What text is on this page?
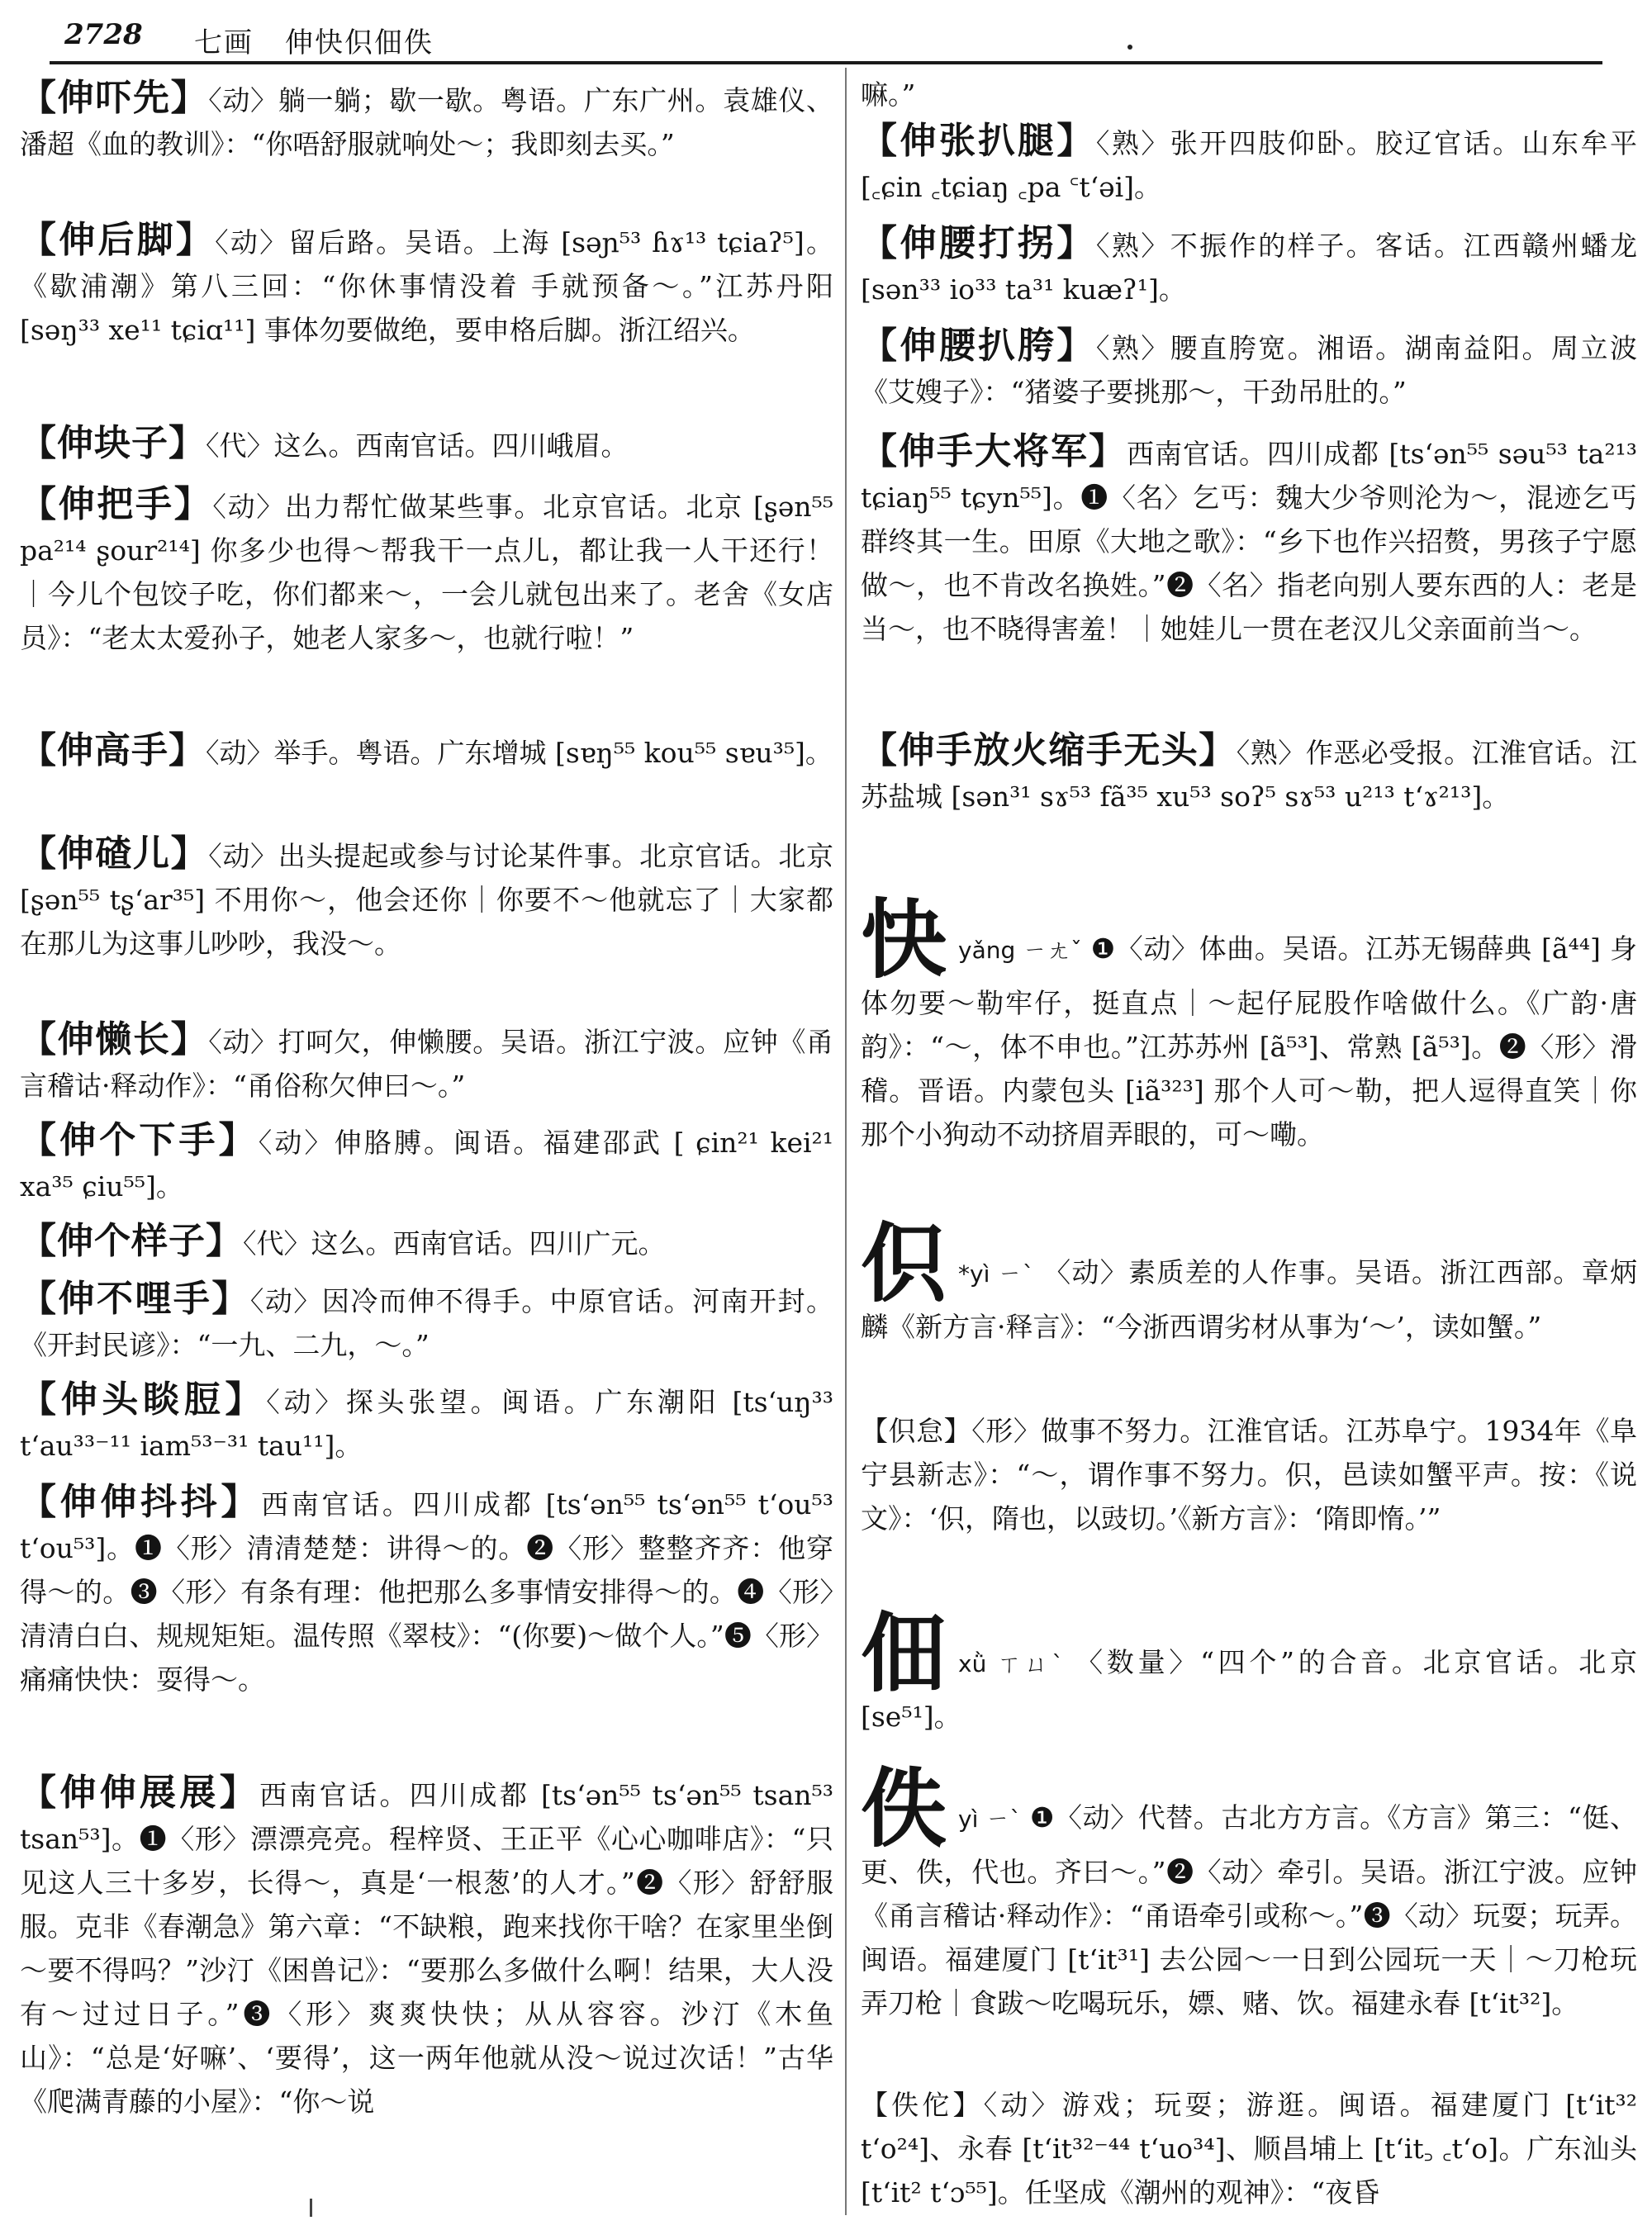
2728 七画 伸快伿佃佚
【伸吓先】〈动〉躺一躺；歇一歇。粤语。广东广州。袁雄仪、潘超《血的教训》：“你唔舒服就响处～；我即刻去买。”
【伸后脚】〈动〉留后路。吴语。上海 [səɲ⁵³ ɦɤ¹³ tɕiaʔ⁵]。《歇浦潮》第八三回：“你休事情没着 手就预备～。”江苏丹阳 [səŋ³³ xe¹¹ tɕiɑ¹¹] 事体勿要做绝，要申格后脚。浙江绍兴。
【伸块子】〈代〉这么。西南官话。四川峨眉。
【伸把手】〈动〉出力帮忙做某些事。北京官话。北京 [ʂən⁵⁵ pa²¹⁴ ʂour²¹⁴] 你多少也得～帮我干一点儿，都让我一人干还行！｜今儿个包饺子吃，你们都来～，一会儿就包出来了。老舍《女店员》：“老太太爱孙子，她老人家多～，也就行啦！”
【伸高手】〈动〉举手。粤语。广东增城 [sɐŋ⁵⁵ kou⁵⁵ sɐu³⁵]。
【伸碴儿】〈动〉出头提起或参与讨论某件事。北京官话。北京 [ʂən⁵⁵ tʂʻar³⁵] 不用你～，他会还你｜你要不～他就忘了｜大家都在那儿为这事儿吵吵，我没～。
【伸懒长】〈动〉打呵欠，伸懒腰。吴语。浙江宁波。应钟《甬言稽诂·释动作》：“甬俗称欠伸曰～。”
【伸个下手】〈动〉伸胳膊。闽语。福建邵武 [ ɕin²¹ kei²¹ xa³⁵ ɕiu⁵⁵]。
【伸个样子】〈代〉这么。西南官话。四川广元。
【伸不哩手】〈动〉因冷而伸不得手。中原官话。河南开封。《开封民谚》：“一九、二九，～。”
【伸头睒脰】〈动〉探头张望。闽语。广东潮阳 [tsʻuŋ³³ tʻau³³⁻¹¹ iam⁵³⁻³¹ tau¹¹]。
【伸伸抖抖】西南官话。四川成都 [tsʻən⁵⁵ tsʻən⁵⁵ tʻou⁵³ tʻou⁵³]。❶〈形〉清清楚楚：讲得～的。❷〈形〉整整齐齐：他穿得～的。❸〈形〉有条有理：他把那么多事情安排得～的。❹〈形〉清清白白、规规矩矩。温传照《翠枝》：“(你要)～做个人。”❺〈形〉痛痛快快：耍得～。
【伸伸展展】西南官话。四川成都 [tsʻən⁵⁵ tsʻən⁵⁵ tsan⁵³ tsan⁵³]。❶〈形〉漂漂亮亮。程梓贤、王正平《心心咖啡店》：“只见这人三十多岁，长得～，真是‘一根葱’的人才。”❷〈形〉舒舒服服。克非《春潮急》第六章：“不缺粮，跑来找你干啥？在家里坐倒～要不得吗？”沙汀《困兽记》：“要那么多做什么啊！结果，大人没有～过过日子。”❸〈形〉爽爽快快；从从容容。沙汀《木鱼山》：“总是‘好嘛’、‘要得’，这一两年他就从没～说过次话！”古华《爬满青藤的小屋》：“你～说
嘛。”
【伸张扒腿】〈熟〉张开四肢仰卧。胶辽官话。山东牟平 [꜀ɕin ꜀tɕiaŋ ꜀pa ꜂tʻəi]。
【伸腰打拐】〈熟〉不振作的样子。客话。江西赣州蟠龙 [sən³³ io³³ ta³¹ kuæʔ¹]。
【伸腰扒胯】〈熟〉腰直胯宽。湘语。湖南益阳。周立波《艾嫂子》：“猪婆子要挑那～，干劲吊肚的。”
【伸手大将军】西南官话。四川成都 [tsʻən⁵⁵ səu⁵³ ta²¹³ tɕiaŋ⁵⁵ tɕyn⁵⁵]。❶〈名〉乞丐：魏大少爷则沦为～，混迹乞丐群终其一生。田原《大地之歌》：“乡下也作兴招赘，男孩子宁愿做～，也不肯改名换姓。”❷〈名〉指老向别人要东西的人：老是当～，也不晓得害羞！｜她娃儿一贯在老汉儿父亲面前当～。
【伸手放火缩手无头】〈熟〉作恶必受报。江淮官话。江苏盐城 [sən³¹ sɤ⁵³ fã³⁵ xu⁵³ soʔ⁵ sɤ⁵³ u²¹³ tʻɤ²¹³]。
快yǎng ㄧㄤˇ ❶〈动〉体曲。吴语。江苏无锡薛典 [ã⁴⁴] 身体勿要～勒牢仔，挺直点｜～起仔屁股作啥做什么。《广韵·唐韵》：“～，体不申也。”江苏苏州 [ã⁵³]、常熟 [ã⁵³]。❷〈形〉滑稽。晋语。内蒙包头 [iã³²³] 那个人可～勒，把人逗得直笑｜你那个小狗动不动挤眉弄眼的，可～嘞。
伿 *yì ㄧˋ 〈动〉素质差的人作事。吴语。浙江西部。章炳麟《新方言·释言》：“今浙西谓劣材从事为‘～’，读如蟹。”
【伿怠】〈形〉做事不努力。江淮官话。江苏阜宁。1934年《阜宁县新志》：“～，谓作事不努力。伿，邑读如蟹平声。按：《说文》：‘伿，隋也，以豉切。’《新方言》：‘隋即惰。’”
佃xǜ ㄒㄩˋ 〈数量〉“四个”的合音。北京官话。北京 [se⁵¹]。
佚yì ㄧˋ ❶〈动〉代替。古北方方言。《方言》第三：“侹、更、佚，代也。齐曰～。”❷〈动〉牵引。吴语。浙江宁波。应钟《甬言稽诂·释动作》：“甬语牵引或称～。”❸〈动〉玩耍；玩弄。闽语。福建厦门 [tʻit³¹] 去公园～一日到公园玩一天｜～刀枪玩弄刀枪｜食跋～吃喝玩乐，嫖、赌、饮。福建永春 [tʻit³²]。
【佚佗】〈动〉游戏；玩耍；游逛。闽语。福建厦门 [tʻit³² tʻo²⁴]、永春 [tʻit³²⁻⁴⁴ tʻuo³⁴]、顺昌埔上 [tʻit꜆ ꜀tʻo]。广东汕头 [tʻit² tʻɔ⁵⁵]。任坚成《潮州的观神》：“夜昏
